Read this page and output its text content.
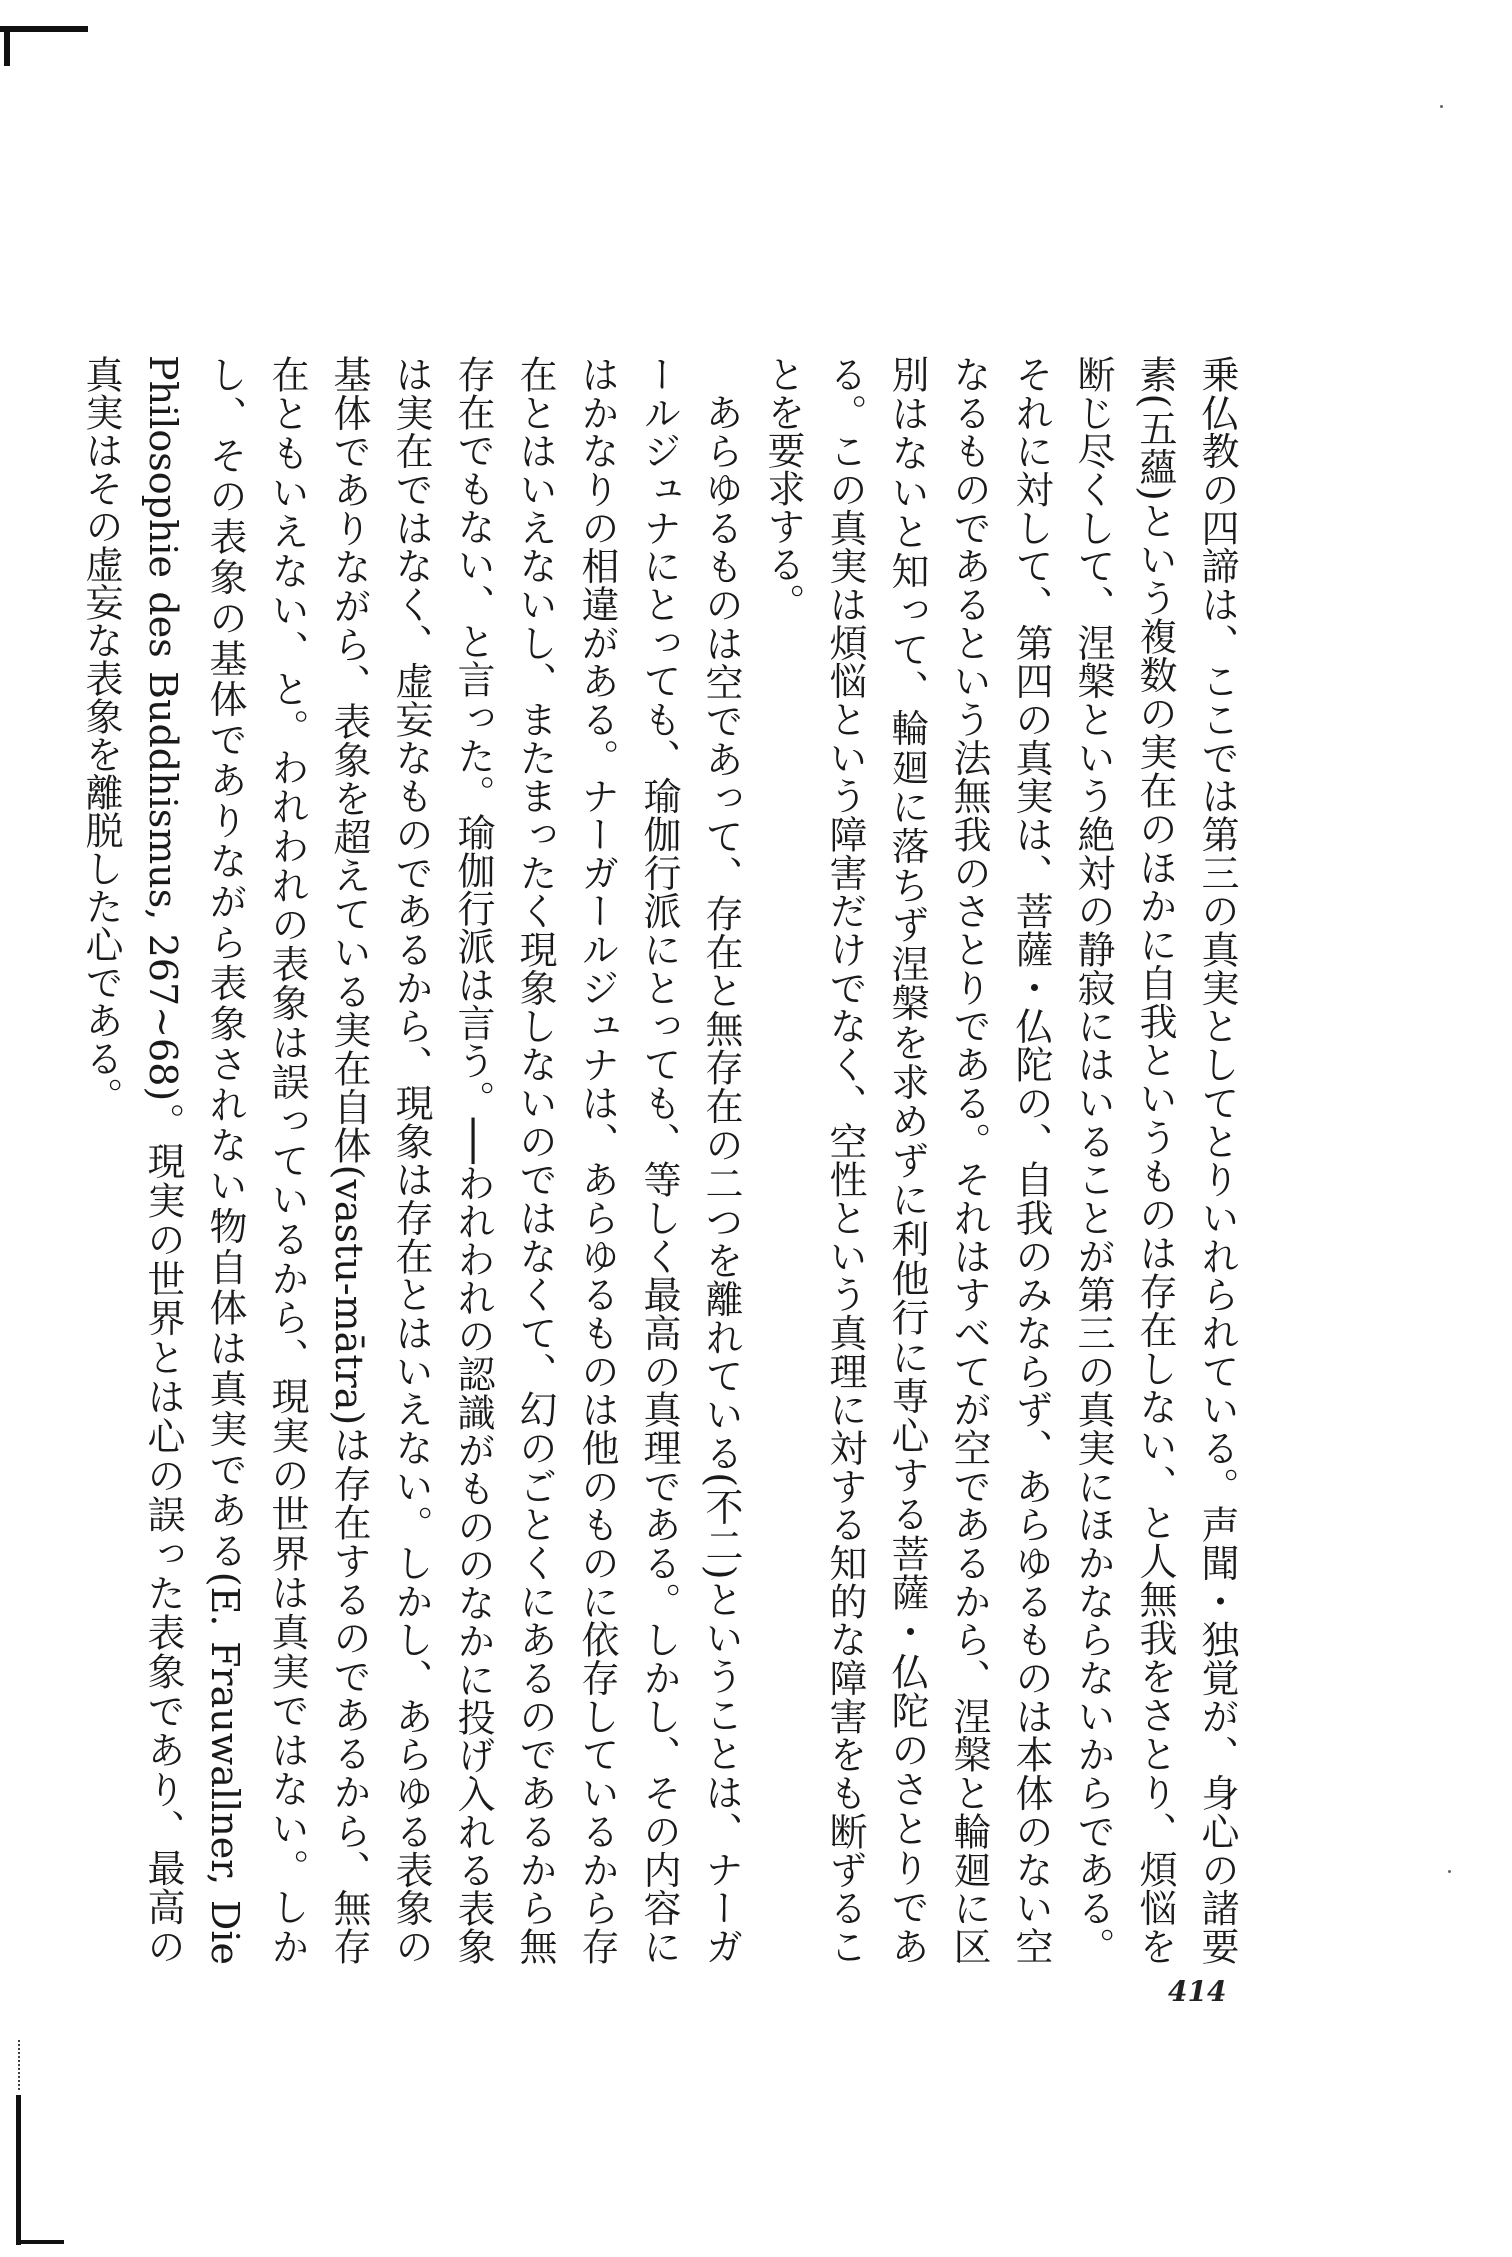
乗仏教の四諦は、ここでは第三の真実としてとりいれられている。声聞・独覚が、身心の諸要素(五蘊)という複数の実在のほかに自我というものは存在しない、と人無我をさとり、煩悩を断じ尽くして、涅槃という絶対の静寂にはいることが第三の真実にほかならないからである。それに対して、第四の真実は、菩薩・仏陀の、自我のみならず、あらゆるものは本体のない空なるものであるという法無我のさとりである。それはすべてが空であるから、涅槃と輪廻に区別はないと知って、輪廻に落ちず涅槃を求めずに利他行に専心する菩薩・仏陀のさとりである。この真実は煩悩という障害だけでなく、空性という真理に対する知的な障害をも断ずることを要求する。

あらゆるものは空であって、存在と無存在の二つを離れている(不二)ということは、ナーガールジュナにとっても、瑜伽行派にとっても、等しく最高の真理である。しかし、その内容にはかなりの相違がある。ナーガールジュナは、あらゆるものは他のものに依存しているから存在とはいえないし、またまったく現象しないのではなくて、幻のごとくにあるのであるから無存在でもない、と言った。瑜伽行派は言う。──われわれの認識がもののなかに投げ入れる表象は実在ではなく、虚妄なものであるから、現象は存在とはいえない。しかし、あらゆる表象の基体でありながら、表象を超えている実在自体(vastu-mātra)は存在するのであるから、無存在ともいえない、と。われわれの表象は誤っているから、現実の世界は真実ではない。しかし、その表象の基体でありながら表象されない物自体は真実である(E. Frauwallner, Die Philosophie des Buddhismus, 267~68)。現実の世界とは心の誤った表象であり、最高の真実はその虚妄な表象を離脱した心である。

414
